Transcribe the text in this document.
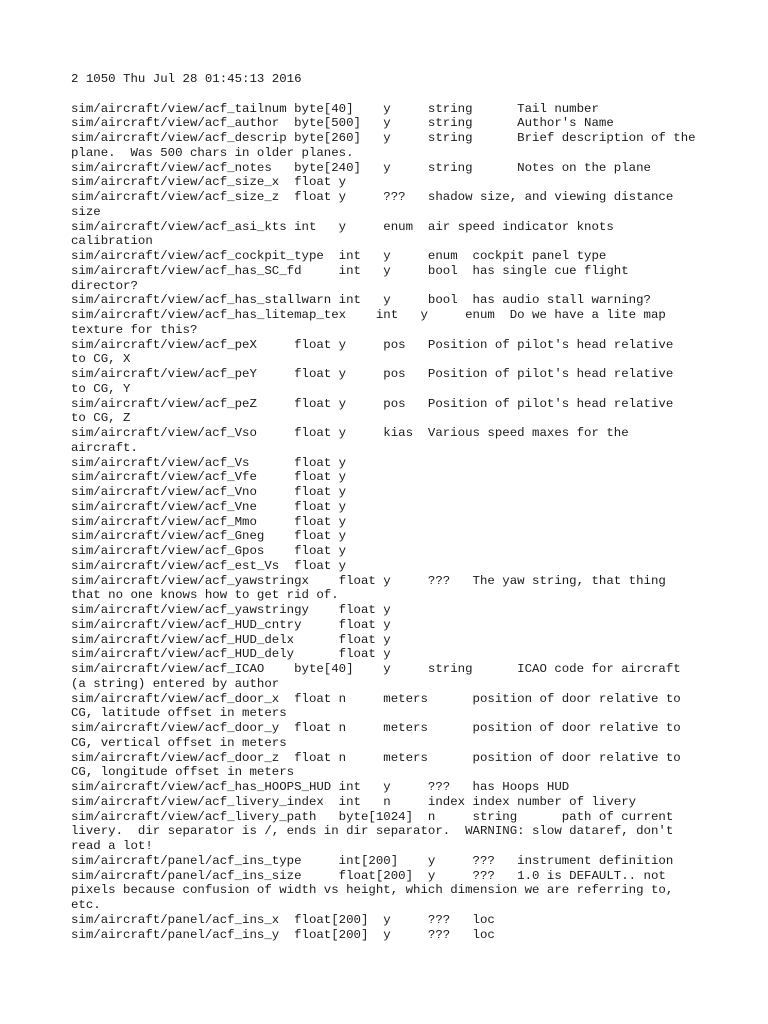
2 1050 Thu Jul 28 01:45:13 2016
sim/aircraft/view/acf_tailnum byte[40]    y     string      Tail number
sim/aircraft/view/acf_author  byte[500]   y     string      Author's Name
sim/aircraft/view/acf_descrip byte[260]   y     string      Brief description of the
plane.  Was 500 chars in older planes.
sim/aircraft/view/acf_notes   byte[240]   y     string      Notes on the plane
sim/aircraft/view/acf_size_x  float y
sim/aircraft/view/acf_size_z  float y     ???   shadow size, and viewing distance
size
sim/aircraft/view/acf_asi_kts int   y     enum  air speed indicator knots
calibration
sim/aircraft/view/acf_cockpit_type  int   y     enum  cockpit panel type
sim/aircraft/view/acf_has_SC_fd     int   y     bool  has single cue flight
director?
sim/aircraft/view/acf_has_stallwarn int   y     bool  has audio stall warning?
sim/aircraft/view/acf_has_litemap_tex    int   y     enum  Do we have a lite map
texture for this?
sim/aircraft/view/acf_peX     float y     pos   Position of pilot's head relative
to CG, X
sim/aircraft/view/acf_peY     float y     pos   Position of pilot's head relative
to CG, Y
sim/aircraft/view/acf_peZ     float y     pos   Position of pilot's head relative
to CG, Z
sim/aircraft/view/acf_Vso     float y     kias  Various speed maxes for the
aircraft.
sim/aircraft/view/acf_Vs      float y
sim/aircraft/view/acf_Vfe     float y
sim/aircraft/view/acf_Vno     float y
sim/aircraft/view/acf_Vne     float y
sim/aircraft/view/acf_Mmo     float y
sim/aircraft/view/acf_Gneg    float y
sim/aircraft/view/acf_Gpos    float y
sim/aircraft/view/acf_est_Vs  float y
sim/aircraft/view/acf_yawstringx    float y     ???   The yaw string, that thing
that no one knows how to get rid of.
sim/aircraft/view/acf_yawstringy    float y
sim/aircraft/view/acf_HUD_cntry     float y
sim/aircraft/view/acf_HUD_delx      float y
sim/aircraft/view/acf_HUD_dely      float y
sim/aircraft/view/acf_ICAO    byte[40]    y     string      ICAO code for aircraft
(a string) entered by author
sim/aircraft/view/acf_door_x  float n     meters      position of door relative to
CG, latitude offset in meters
sim/aircraft/view/acf_door_y  float n     meters      position of door relative to
CG, vertical offset in meters
sim/aircraft/view/acf_door_z  float n     meters      position of door relative to
CG, longitude offset in meters
sim/aircraft/view/acf_has_HOOPS_HUD int   y     ???   has Hoops HUD
sim/aircraft/view/acf_livery_index  int   n     index index number of livery
sim/aircraft/view/acf_livery_path   byte[1024]  n     string      path of current
livery.  dir separator is /, ends in dir separator.  WARNING: slow dataref, don't
read a lot!
sim/aircraft/panel/acf_ins_type     int[200]    y     ???   instrument definition
sim/aircraft/panel/acf_ins_size     float[200]  y     ???   1.0 is DEFAULT.. not
pixels because confusion of width vs height, which dimension we are referring to,
etc.
sim/aircraft/panel/acf_ins_x  float[200]  y     ???   loc
sim/aircraft/panel/acf_ins_y  float[200]  y     ???   loc
